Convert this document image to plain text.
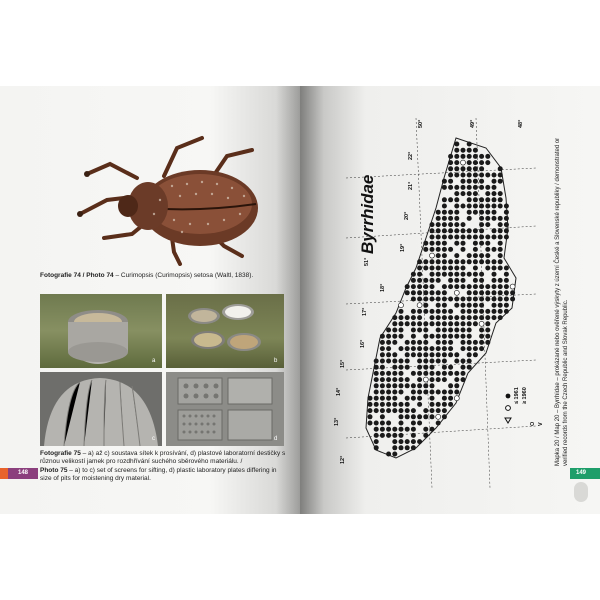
Fotografie 74 / Photo 74 – Curimopsis (Curimopsis) setosa (Waltl, 1838).
a	b
c	d
Fotografie 75 – a) až c) soustava sítek k prosívání, d) plastové laboratorní destičky s různou velikostí jamek pro rozdhřívání suchého sběrového materiálu. /
Photo 75 – a) to c) set of screens for sifting, d) plastic laboratory plates differing in size of pits for moistening dry material.
148
Byrrhidae
≤ 1961 ≥ 1960
O V
50°	49°	48°
51°
22°
21°
20°
19°
18°
17°
16°
15°
14°
13°
12°	Mapka 20 / Map 20 – Byrrhidae – prokázané nebo ověřené výskyty z území České a Slovenské republiky / demonstrated or verified records from the Czech Republic and Slovak Republic.
149
